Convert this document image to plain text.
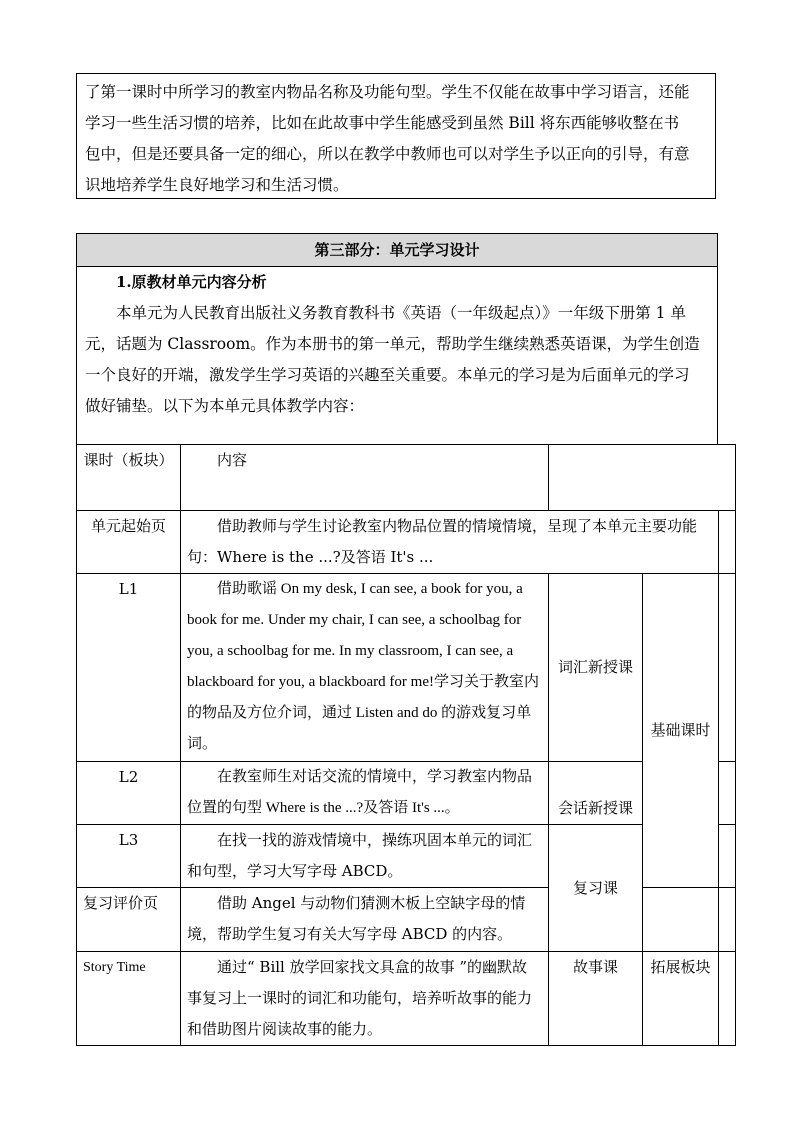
了第一课时中所学习的教室内物品名称及功能句型。学生不仅能在故事中学习语言，还能

学习一些生活习惯的培养，比如在此故事中学生能感受到虽然 Bill 将东西能够收整在书

包中，但是还要具备一定的细心，所以在教学中教师也可以对学生予以正向的引导，有意

识地培养学生良好地学习和生活习惯。

第三部分：单元学习设计

1.原教材单元内容分析

本单元为人民教育出版社义务教育教科书《英语（一年级起点）》一年级下册第 1 单

元，话题为 Classroom。作为本册书的第一单元，帮助学生继续熟悉英语课，为学生创造

一个良好的开端，激发学生学习英语的兴趣至关重要。本单元的学习是为后面单元的学习

做好铺垫。以下为本单元具体教学内容：

课时（板块）	内容			
单元起始页	借助教师与学生讨论教室内物品位置的情境情境，呈现了本单元主要功能句：Where is the ...?及答语 It's ...			
L1	借助歌谣 On my desk, I can see, a book for you, a book for me. Under my chair, I can see, a schoolbag for you, a schoolbag for me. In my classroom, I can see, a blackboard for you, a blackboard for me!学习关于教室内的物品及方位介词，通过 Listen and do 的游戏复习单词。	词汇新授课	基础课时	
L2	在教室师生对话交流的情境中，学习教室内物品位置的句型 Where is the ...?及答语 It's ...。	会话新授课		
L3	在找一找的游戏情境中，操练巩固本单元的词汇和句型，学习大写字母 ABCD。	复习课		
复习评价页	借助 Angel 与动物们猜测木板上空缺字母的情境，帮助学生复习有关大写字母 ABCD 的内容。			
Story Time	通过“ Bill 放学回家找文具盒的故事 ”的幽默故事复习上一课时的词汇和功能句，培养听故事的能力和借助图片阅读故事的能力。	故事课	拓展板块	
